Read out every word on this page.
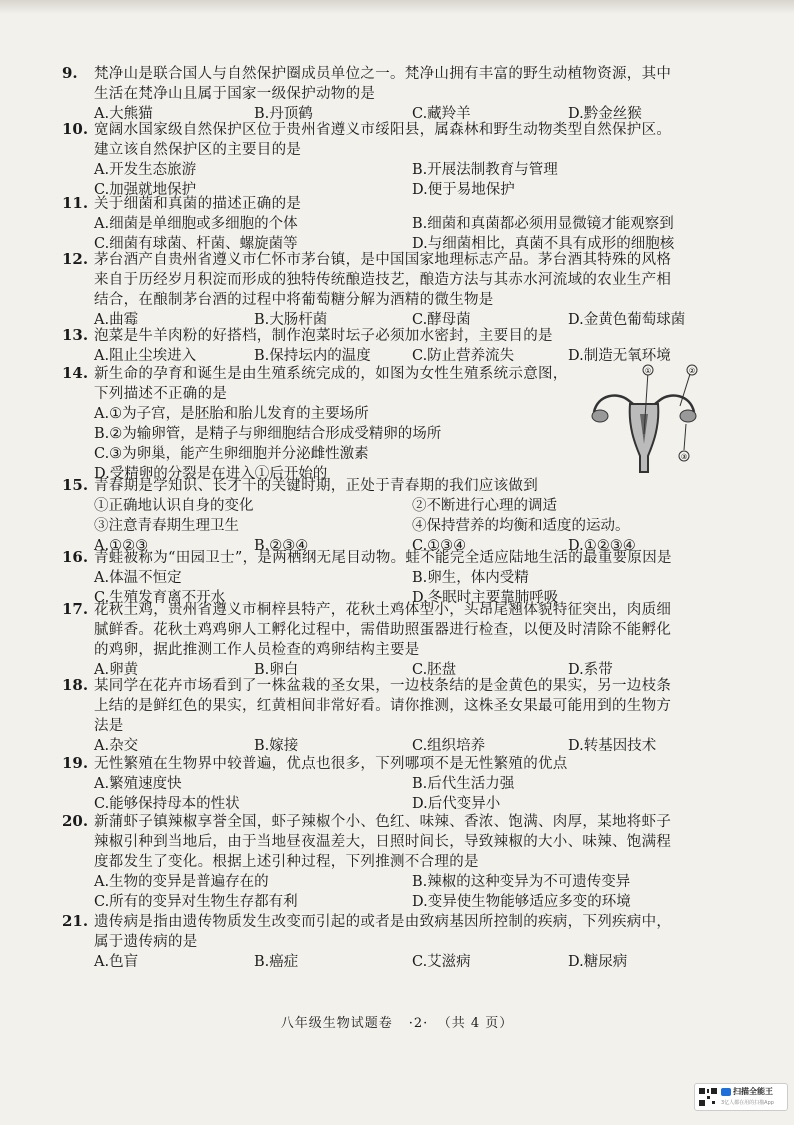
9. 梵净山是联合国人与自然保护圈成员单位之一。梵净山拥有丰富的野生动植物资源，其中
生活在梵净山且属于国家一级保护动物的是
A.大熊猫	B.丹顶鹤	C.藏羚羊	D.黔金丝猴
10. 宽阔水国家级自然保护区位于贵州省遵义市绥阳县，属森林和野生动物类型自然保护区。
建立该自然保护区的主要目的是
A.开发生态旅游	B.开展法制教育与管理
C.加强就地保护	D.便于易地保护
11. 关于细菌和真菌的描述正确的是
A.细菌是单细胞或多细胞的个体	B.细菌和真菌都必须用显微镜才能观察到
C.细菌有球菌、杆菌、螺旋菌等	D.与细菌相比，真菌不具有成形的细胞核
12. 茅台酒产自贵州省遵义市仁怀市茅台镇，是中国国家地理标志产品。茅台酒其特殊的风格
来自于历经岁月积淀而形成的独特传统酿造技艺，酿造方法与其赤水河流域的农业生产相
结合，在酿制茅台酒的过程中将葡萄糖分解为酒精的微生物是
A.曲霉	B.大肠杆菌	C.酵母菌	D.金黄色葡萄球菌
13. 泡菜是牛羊肉粉的好搭档，制作泡菜时坛子必须加水密封，主要目的是
A.阻止尘埃进入	B.保持坛内的温度	C.防止营养流失	D.制造无氧环境
14. 新生命的孕育和诞生是由生殖系统完成的，如图为女性生殖系统示意图，
下列描述不正确的是
A.①为子宫，是胚胎和胎儿发育的主要场所
B.②为输卵管，是精子与卵细胞结合形成受精卵的场所
C.③为卵巢，能产生卵细胞并分泌雌性激素
D.受精卵的分裂是在进入①后开始的
15. 青春期是学知识、长才干的关键时期，正处于青春期的我们应该做到
①正确地认识自身的变化	②不断进行心理的调适
③注意青春期生理卫生	④保持营养的均衡和适度的运动。
A.①②③	B.②③④	C.①③④	D.①②③④
16. 青蛙被称为“田园卫士”，是两栖纲无尾目动物。蛙不能完全适应陆地生活的最重要原因是
A.体温不恒定	B.卵生，体内受精
C.生殖发育离不开水	D.冬眠时主要靠肺呼吸
17. 花秋土鸡，贵州省遵义市桐梓县特产，花秋土鸡体型小，头昂尾翘体貌特征突出，肉质细
腻鲜香。花秋土鸡鸡卵人工孵化过程中，需借助照蛋器进行检查，以便及时清除不能孵化
的鸡卵，据此推测工作人员检查的鸡卵结构主要是
A.卵黄	B.卵白	C.胚盘	D.系带
18. 某同学在花卉市场看到了一株盆栽的圣女果，一边枝条结的是金黄色的果实，另一边枝条
上结的是鲜红色的果实，红黄相间非常好看。请你推测，这株圣女果最可能用到的生物方
法是
A.杂交	B.嫁接	C.组织培养	D.转基因技术
19. 无性繁殖在生物界中较普遍，优点也很多，下列哪项不是无性繁殖的优点
A.繁殖速度快	B.后代生活力强
C.能够保持母本的性状	D.后代变异小
20. 新蒲虾子镇辣椒享誉全国，虾子辣椒个小、色红、味辣、香浓、饱满、肉厚，某地将虾子
辣椒引种到当地后，由于当地昼夜温差大，日照时间长，导致辣椒的大小、味辣、饱满程
度都发生了变化。根据上述引种过程，下列推测不合理的是
A.生物的变异是普遍存在的	B.辣椒的这种变异为不可遗传变异
C.所有的变异对生物生存都有利	D.变异使生物能够适应多变的环境
21. 遗传病是指由遗传物质发生改变而引起的或者是由致病基因所控制的疾病，下列疾病中，
属于遗传病的是
A.色盲	B.癌症	C.艾滋病	D.糖尿病
①	②
③
八年级生物试题卷 ·2· （共 4 页）
扫描全能王
3亿人都在用的扫描App
